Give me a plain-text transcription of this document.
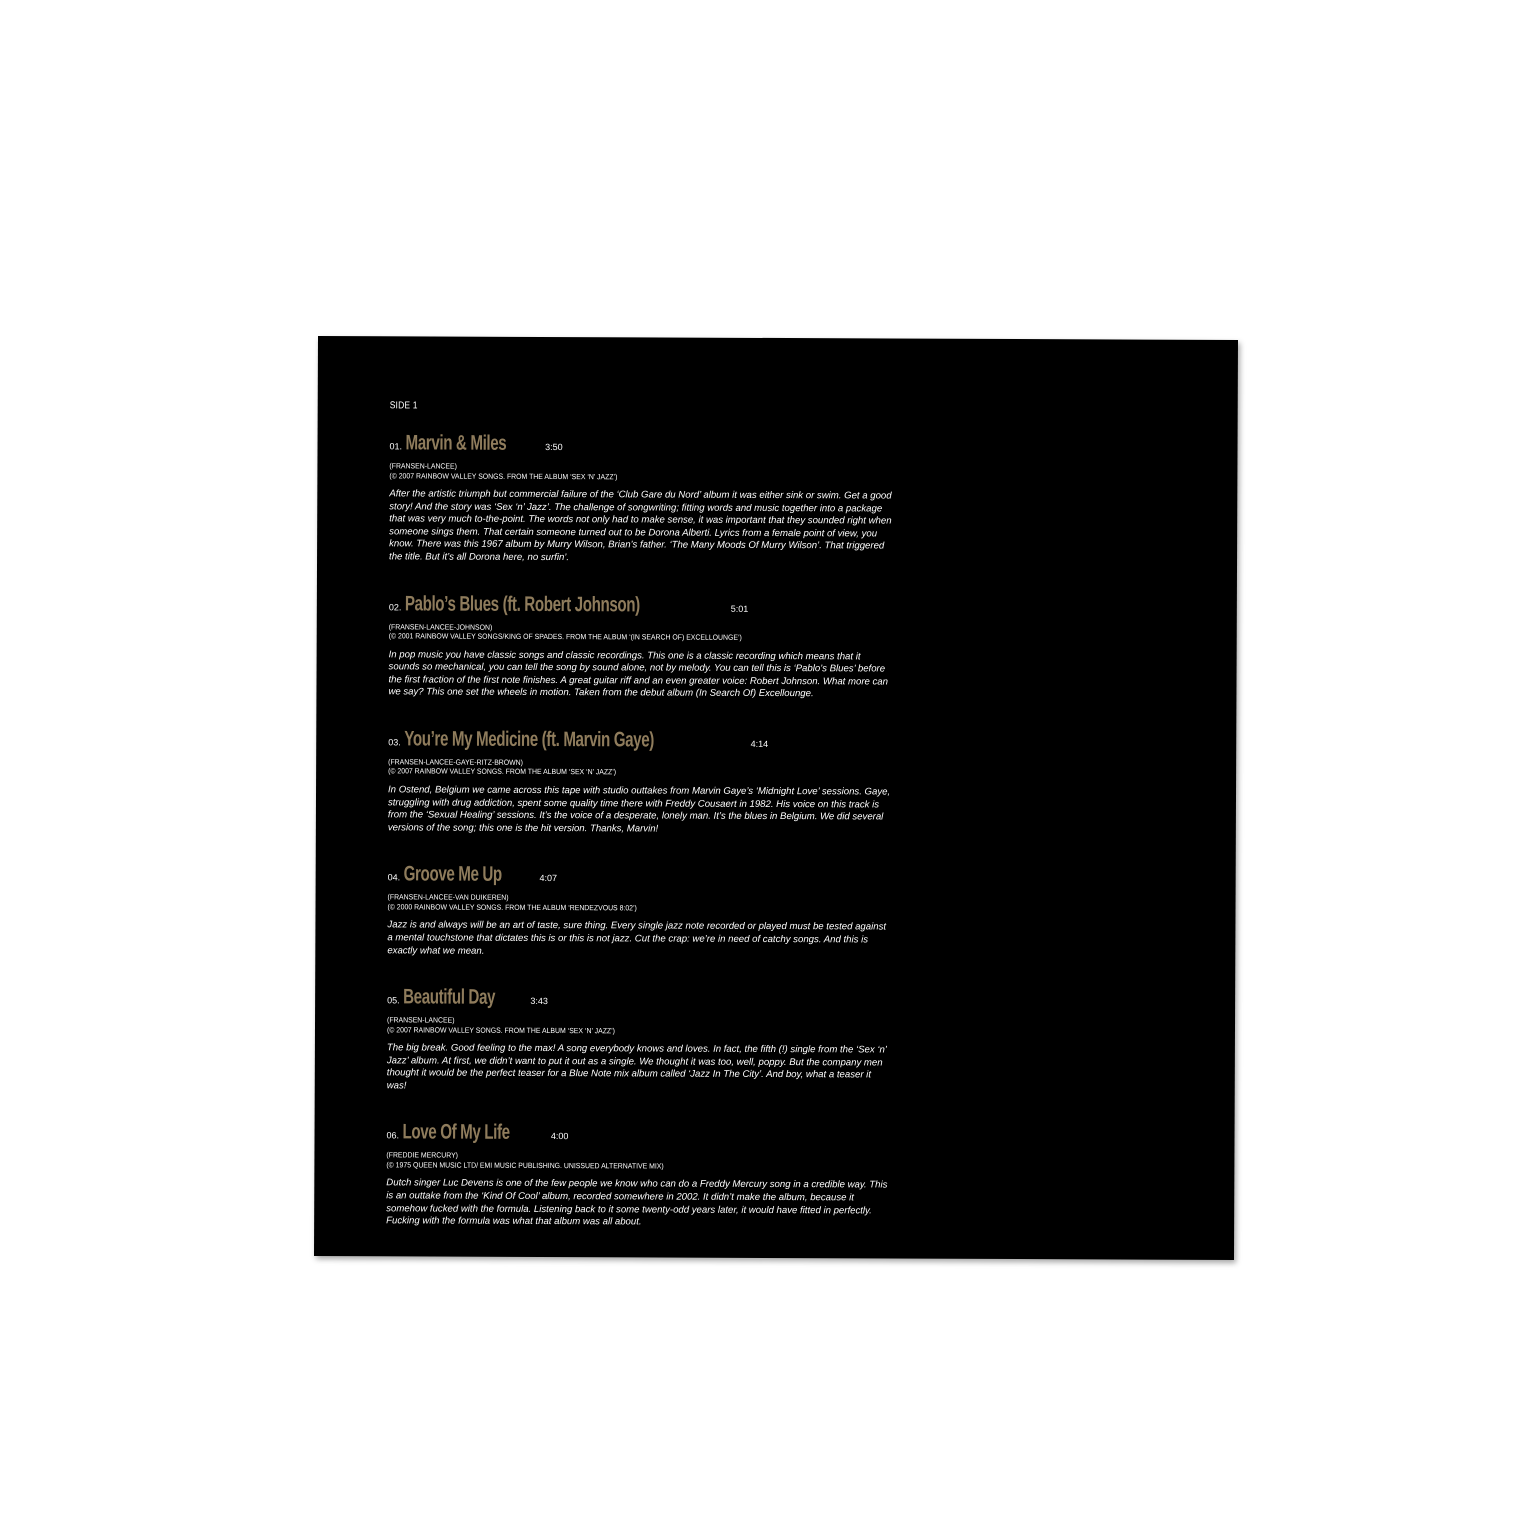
SIDE 1
01. Marvin & Miles	3:50
(FRANSEN-LANCEE)
(© 2007 RAINBOW VALLEY SONGS. FROM THE ALBUM ‘SEX ‘N’ JAZZ’)
After the artistic triumph but commercial failure of the ‘Club Gare du Nord’ album it was either sink or swim. Get a good story! And the story was ‘Sex ‘n’ Jazz’. The challenge of songwriting; fitting words and music together into a package that was very much to-the-point. The words not only had to make sense, it was important that they sounded right when someone sings them. That certain someone turned out to be Dorona Alberti. Lyrics from a female point of view, you know. There was this 1967 album by Murry Wilson, Brian’s father. ‘The Many Moods Of Murry Wilson’. That triggered the title. But it’s all Dorona here, no surfin’.
02. Pablo’s Blues (ft. Robert Johnson)	5:01
(FRANSEN-LANCEE-JOHNSON)
(© 2001 RAINBOW VALLEY SONGS/KING OF SPADES. FROM THE ALBUM ‘(IN SEARCH OF) EXCELLOUNGE’)
In pop music you have classic songs and classic recordings. This one is a classic recording which means that it sounds so mechanical, you can tell the song by sound alone, not by melody. You can tell this is ‘Pablo’s Blues’ before the first fraction of the first note finishes. A great guitar riff and an even greater voice: Robert Johnson. What more can we say? This one set the wheels in motion. Taken from the debut album (In Search Of) Excellounge.
03. You’re My Medicine (ft. Marvin Gaye)	4:14
(FRANSEN-LANCEE-GAYE-RITZ-BROWN)
(© 2007 RAINBOW VALLEY SONGS. FROM THE ALBUM ‘SEX ‘N’ JAZZ’)
In Ostend, Belgium we came across this tape with studio outtakes from Marvin Gaye’s ‘Midnight Love’ sessions. Gaye, struggling with drug addiction, spent some quality time there with Freddy Cousaert in 1982. His voice on this track is from the ‘Sexual Healing’ sessions. It’s the voice of a desperate, lonely man. It’s the blues in Belgium. We did several versions of the song; this one is the hit version. Thanks, Marvin!
04. Groove Me Up	4:07
(FRANSEN-LANCEE-VAN DUIKEREN)
(© 2000 RAINBOW VALLEY SONGS. FROM THE ALBUM ‘RENDEZVOUS 8:02’)
Jazz is and always will be an art of taste, sure thing. Every single jazz note recorded or played must be tested against a mental touchstone that dictates this is or this is not jazz. Cut the crap: we’re in need of catchy songs. And this is exactly what we mean.
05. Beautiful Day	3:43
(FRANSEN-LANCEE)
(© 2007 RAINBOW VALLEY SONGS. FROM THE ALBUM ‘SEX ‘N’ JAZZ’)
The big break. Good feeling to the max! A song everybody knows and loves. In fact, the fifth (!) single from the ‘Sex ‘n’ Jazz’ album. At first, we didn’t want to put it out as a single. We thought it was too, well, poppy. But the company men thought it would be the perfect teaser for a Blue Note mix album called ‘Jazz In The City’. And boy, what a teaser it was!
06. Love Of My Life	4:00
(FREDDIE MERCURY)
(© 1975 QUEEN MUSIC LTD/ EMI MUSIC PUBLISHING. UNISSUED ALTERNATIVE MIX)
Dutch singer Luc Devens is one of the few people we know who can do a Freddy Mercury song in a credible way. This is an outtake from the ‘Kind Of Cool’ album, recorded somewhere in 2002. It didn’t make the album, because it somehow fucked with the formula. Listening back to it some twenty-odd years later, it would have fitted in perfectly. Fucking with the formula was what that album was all about.
